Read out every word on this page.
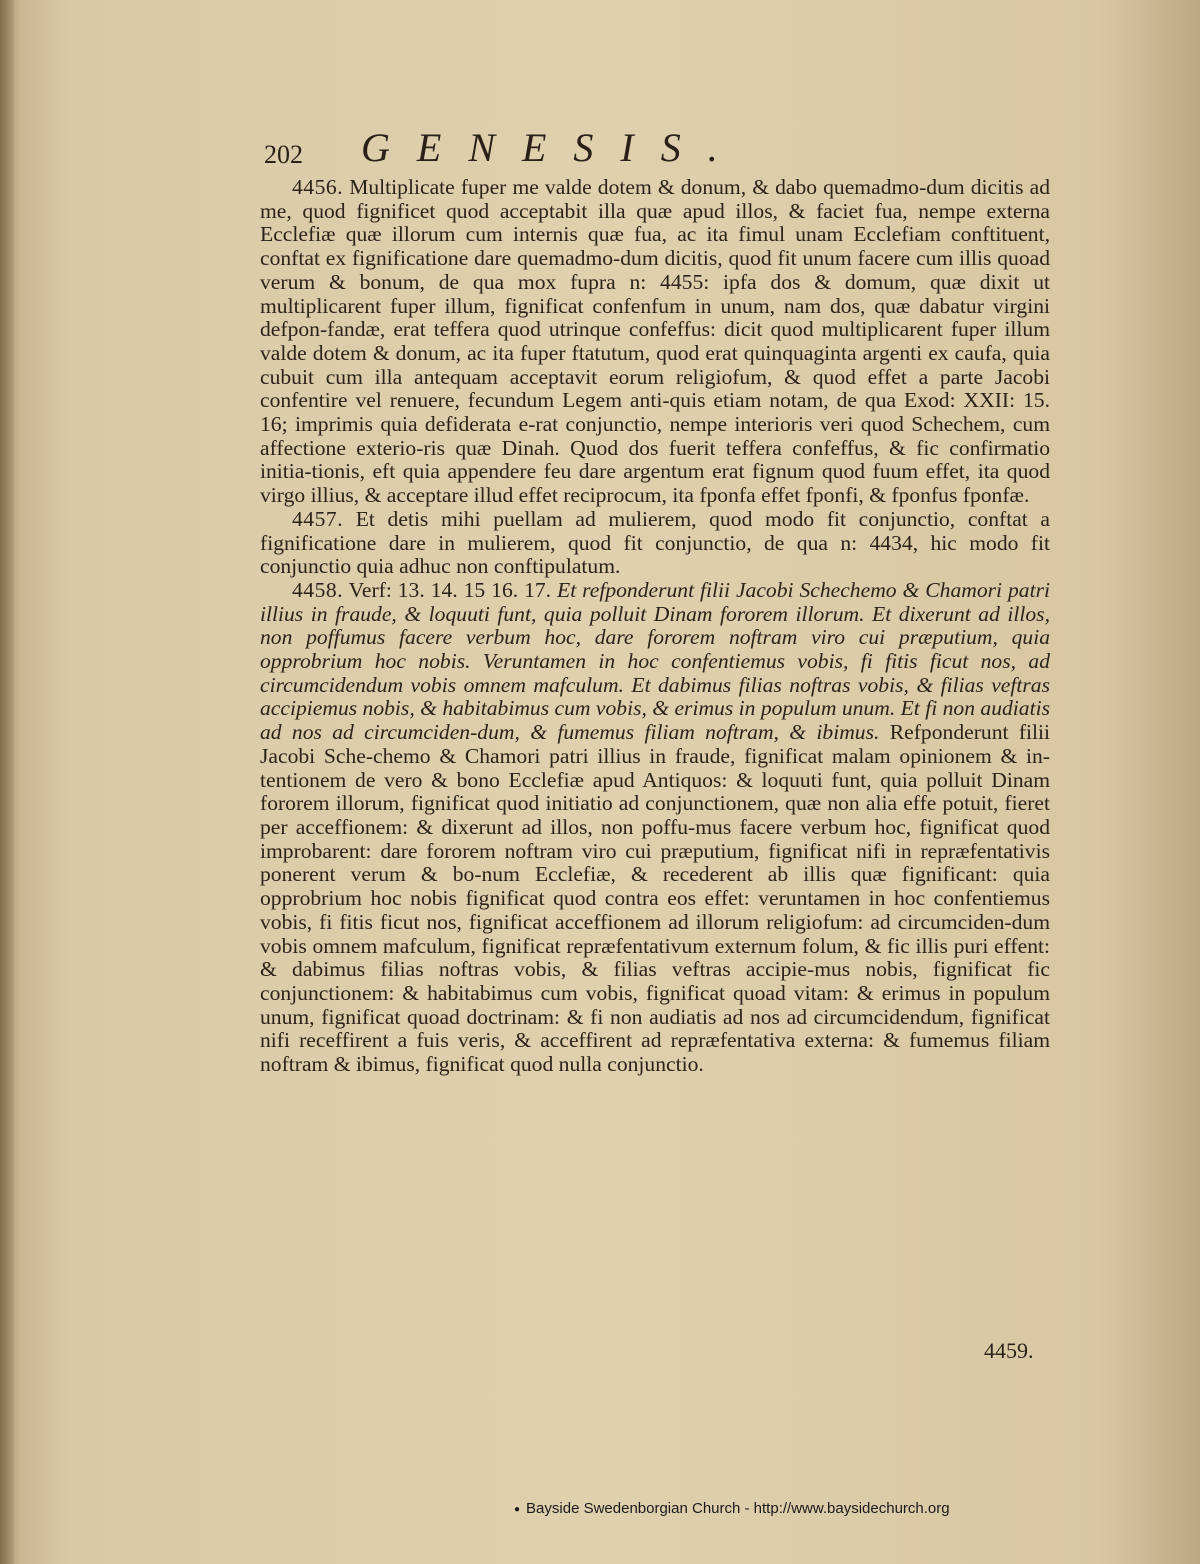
202 GENESIS.

4456. Multiplicate fuper me valde dotem & donum, & dabo quemadmo-dum dicitis ad me, quod fignificet quod acceptabit illa quæ apud illos, & faciet fua, nempe externa Ecclefiæ quæ illorum cum internis quæ fua, ac ita fimul unam Ecclefiam conftituent, conftat ex fignificatione dare quemadmo-dum dicitis, quod fit unum facere cum illis quoad verum & bonum, de qua mox fupra n: 4455: ipfa dos & domum, quæ dixit ut multiplicarent fuper illum, fignificat confenfum in unum, nam dos, quæ dabatur virgini defpon-fandæ, erat teffera quod utrinque confeffus: dicit quod multiplicarent fuper illum valde dotem & donum, ac ita fuper ftatutum, quod erat quinquaginta argenti ex caufa, quia cubuit cum illa antequam acceptavit eorum religiofum, & quod effet a parte Jacobi confentire vel renuere, fecundum Legem anti-quis etiam notam, de qua Exod: XXII: 15. 16; imprimis quia defiderata e-rat conjunctio, nempe interioris veri quod Schechem, cum affectione exterio-ris quæ Dinah. Quod dos fuerit teffera confeffus, & fic confirmatio initia-tionis, eft quia appendere feu dare argentum erat fignum quod fuum effet, ita quod virgo illius, & acceptare illud effet reciprocum, ita fponfa effet fponfi, & fponfus fponfæ.

4457. Et detis mihi puellam ad mulierem, quod modo fit conjunctio, conftat a fignificatione dare in mulierem, quod fit conjunctio, de qua n: 4434, hic modo fit conjunctio quia adhuc non conftipulatum.

4458. Verf: 13. 14. 15 16. 17. Et refponderunt filii Jacobi Schechemo & Chamori patri illius in fraude, & loquuti funt, quia polluit Dinam fororem illorum. Et dixerunt ad illos, non poffumus facere verbum hoc, dare fororem noftram viro cui præputium, quia opprobrium hoc nobis. Veruntamen in hoc confentiemus vobis, fi fitis ficut nos, ad circumcidendum vobis omnem mafculum. Et dabimus filias noftras vobis, & filias veftras accipiemus nobis, & habitabimus cum vobis, & erimus in populum unum. Et fi non audiatis ad nos ad circumciden-dum, & fumemus filiam noftram, & ibimus. Refponderunt filii Jacobi Sche-chemo & Chamori patri illius in fraude, fignificat malam opinionem & in-tentionem de vero & bono Ecclefiæ apud Antiquos: & loquuti funt, quia polluit Dinam fororem illorum, fignificat quod initiatio ad conjunctionem, quæ non alia effe potuit, fieret per acceffionem: & dixerunt ad illos, non poffu-mus facere verbum hoc, fignificat quod improbarent: dare fororem noftram viro cui præputium, fignificat nifi in repræfentativis ponerent verum & bo-num Ecclefiæ, & recederent ab illis quæ fignificant: quia opprobrium hoc nobis fignificat quod contra eos effet: veruntamen in hoc confentiemus vobis, fi fitis ficut nos, fignificat acceffionem ad illorum religiofum: ad circumciden-dum vobis omnem mafculum, fignificat repræfentativum externum folum, & fic illis puri effent: & dabimus filias noftras vobis, & filias veftras accipie-mus nobis, fignificat fic conjunctionem: & habitabimus cum vobis, fignificat quoad vitam: & erimus in populum unum, fignificat quoad doctrinam: & fi non audiatis ad nos ad circumcidendum, fignificat nifi receffirent a fuis veris, & acceffirent ad repræfentativa externa: & fumemus filiam noftram & ibimus, fignificat quod nulla conjunctio.

4459.
● Bayside Swedenborgian Church - http://www.baysidechurch.org
